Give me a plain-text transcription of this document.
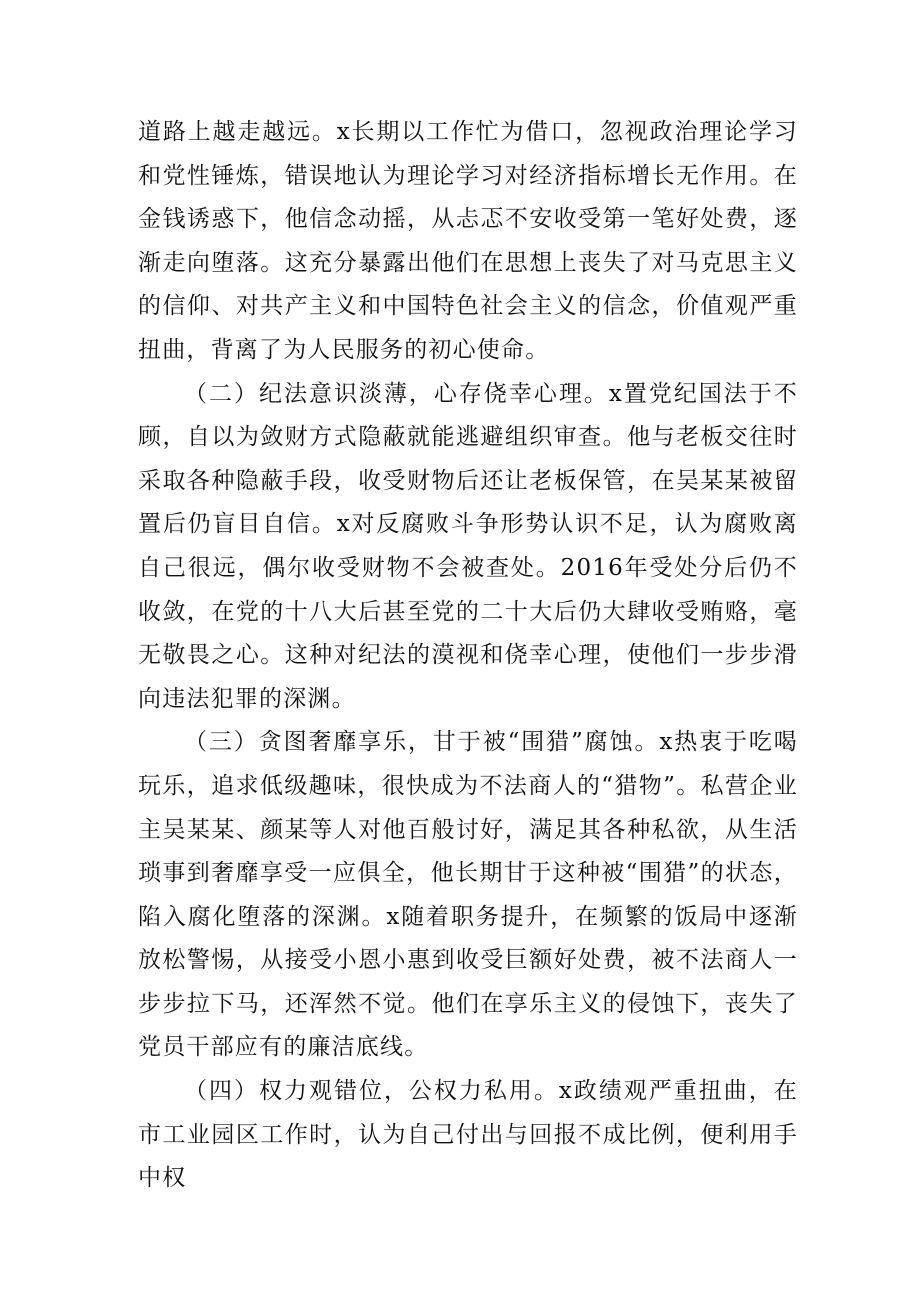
道路上越走越远。x长期以工作忙为借口，忽视政治理论学习和党性锤炼，错误地认为理论学习对经济指标增长无作用。在金钱诱惑下，他信念动摇，从忐忑不安收受第一笔好处费，逐渐走向堕落。这充分暴露出他们在思想上丧失了对马克思主义的信仰、对共产主义和中国特色社会主义的信念，价值观严重扭曲，背离了为人民服务的初心使命。

（二）纪法意识淡薄，心存侥幸心理。x置党纪国法于不顾，自以为敛财方式隐蔽就能逃避组织审查。他与老板交往时采取各种隐蔽手段，收受财物后还让老板保管，在吴某某被留置后仍盲目自信。x对反腐败斗争形势认识不足，认为腐败离自己很远，偶尔收受财物不会被查处。2016年受处分后仍不收敛，在党的十八大后甚至党的二十大后仍大肆收受贿赂，毫无敬畏之心。这种对纪法的漠视和侥幸心理，使他们一步步滑向违法犯罪的深渊。

（三）贪图奢靡享乐，甘于被“围猎”腐蚀。x热衷于吃喝玩乐，追求低级趣味，很快成为不法商人的“猎物”。私营企业主吴某某、颜某等人对他百般讨好，满足其各种私欲，从生活琐事到奢靡享受一应俱全，他长期甘于这种被“围猎”的状态，陷入腐化堕落的深渊。x随着职务提升，在频繁的饭局中逐渐放松警惕，从接受小恩小惠到收受巨额好处费，被不法商人一步步拉下马，还浑然不觉。他们在享乐主义的侵蚀下，丧失了党员干部应有的廉洁底线。

（四）权力观错位，公权力私用。x政绩观严重扭曲，在市工业园区工作时，认为自己付出与回报不成比例，便利用手中权
